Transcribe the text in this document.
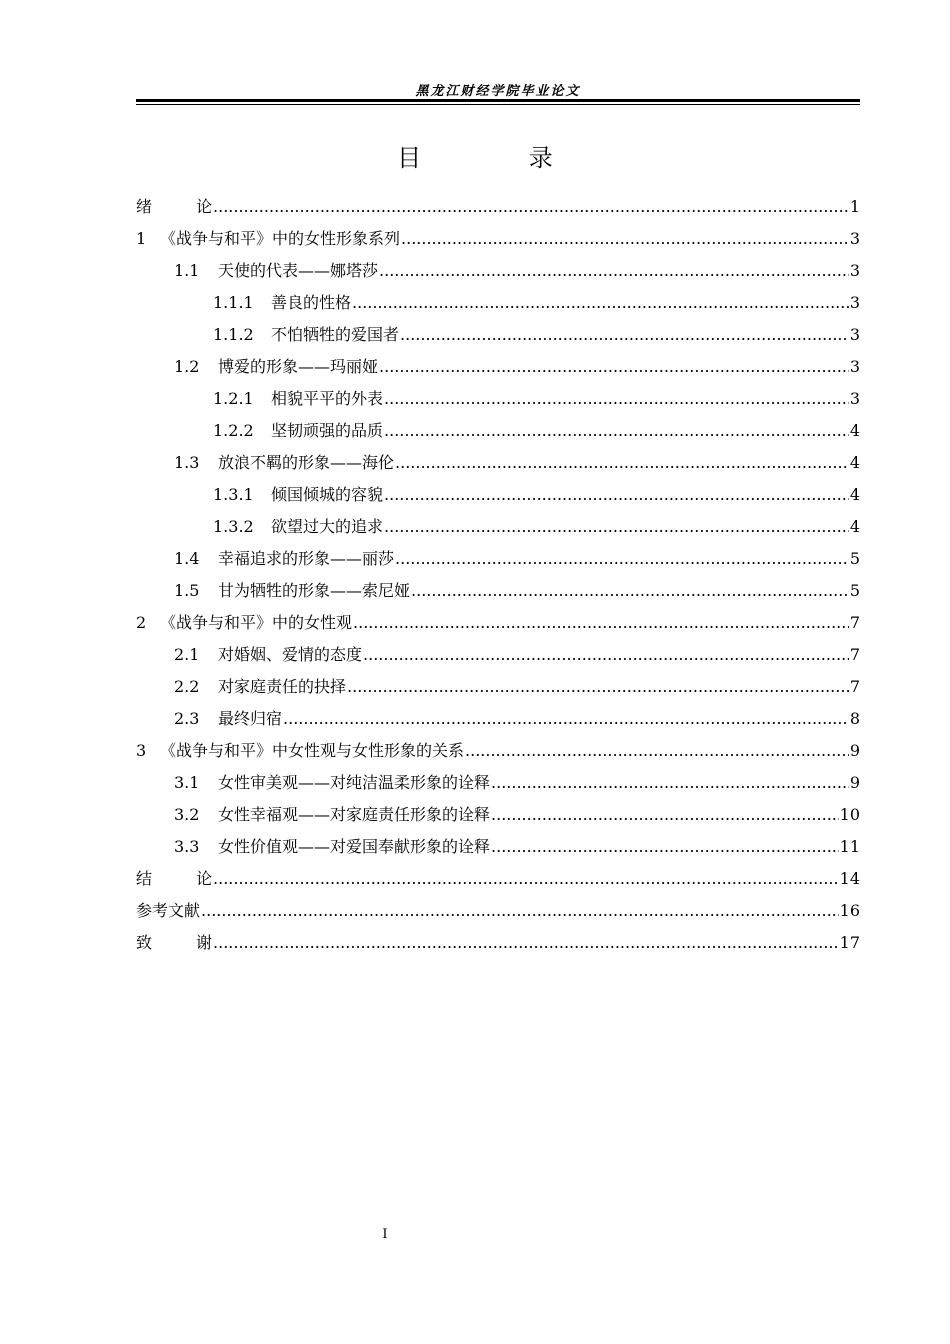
黑龙江财经学院毕业论文
目 录
绪	论 .....	1
1 《战争与和平》中的女性形象系列 .....	3
1.1	天使的代表——娜塔莎 .....	3
1.1.1	善良的性格 .....	3
1.1.2	不怕牺牲的爱国者 .....	3
1.2	博爱的形象——玛丽娅 .....	3
1.2.1	相貌平平的外表 .....	3
1.2.2	坚韧顽强的品质 .....	4
1.3	放浪不羁的形象——海伦 .....	4
1.3.1	倾国倾城的容貌 .....	4
1.3.2	欲望过大的追求 .....	4
1.4	幸福追求的形象——丽莎 .....	5
1.5	甘为牺牲的形象——索尼娅 .....	5
2 《战争与和平》中的女性观 .....	7
2.1	对婚姻、爱情的态度 .....	7
2.2	对家庭责任的抉择 .....	7
2.3	最终归宿 .....	8
3 《战争与和平》中女性观与女性形象的关系 .....	9
3.1	女性审美观——对纯洁温柔形象的诠释 .....	9
3.2	女性幸福观——对家庭责任形象的诠释 .....	10
3.3	女性价值观——对爱国奉献形象的诠释 .....	11
结	论 .....	14
参考文献 .....	16
致	谢 .....	17
I
